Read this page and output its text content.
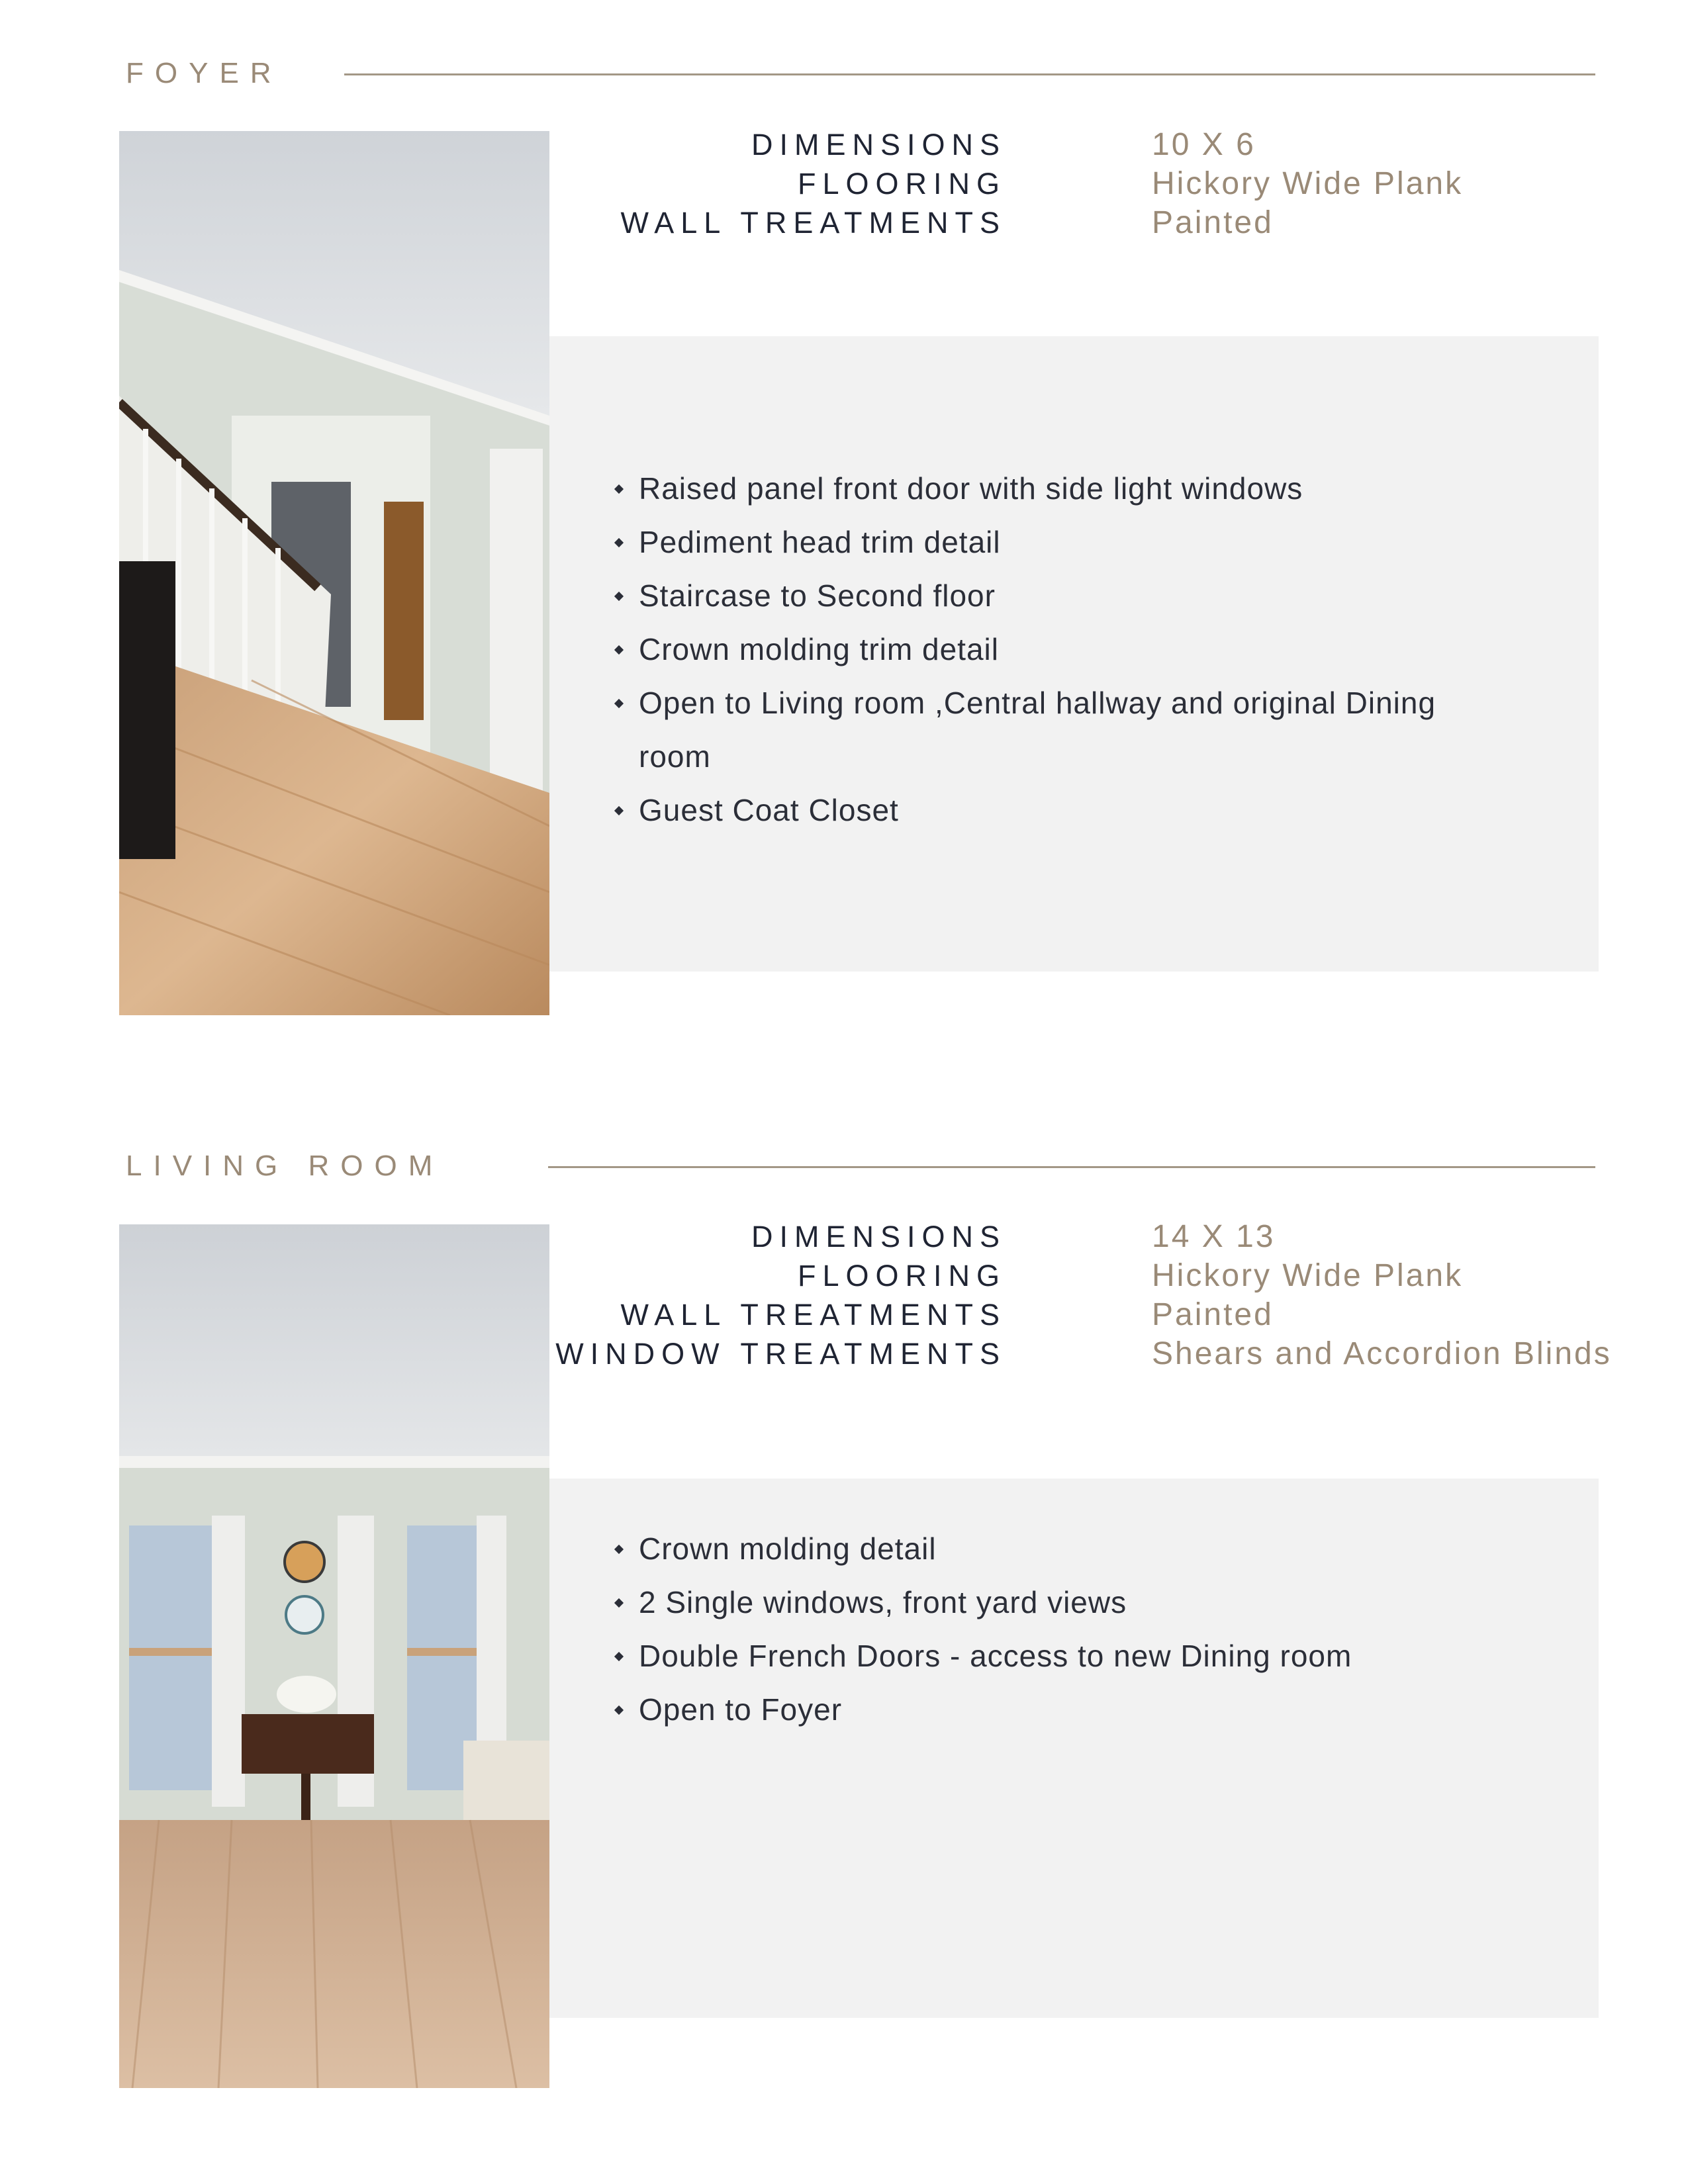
FOYER
DIMENSIONS	10 X 6
FLOORING	Hickory Wide Plank
WALL TREATMENTS	Painted
Raised panel front door with side light windows
Pediment head trim detail
Staircase to Second floor
Crown molding trim detail
Open to Living room ,Central hallway and original Dining room
Guest Coat Closet
LIVING ROOM
DIMENSIONS	14 X 13
FLOORING	Hickory Wide Plank
WALL TREATMENTS	Painted
WINDOW TREATMENTS	Shears and Accordion Blinds
Crown molding detail
2 Single windows, front yard views
Double French Doors - access to new Dining room
Open to Foyer
